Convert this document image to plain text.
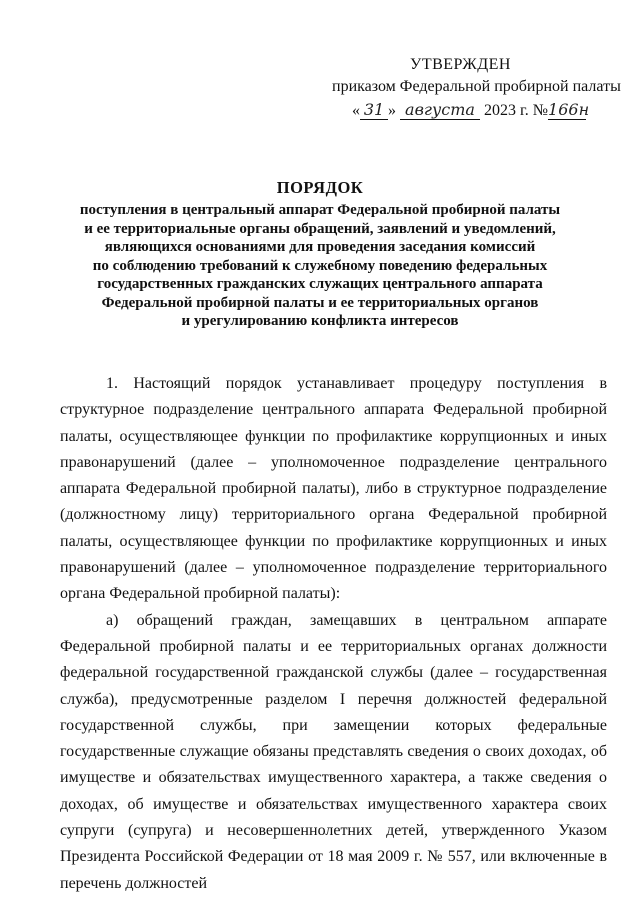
УТВЕРЖДЕН
приказом Федеральной пробирной палаты
« 31 » августа 2023 г. №166н
ПОРЯДОК
поступления в центральный аппарат Федеральной пробирной палаты
и ее территориальные органы обращений, заявлений и уведомлений,
являющихся основаниями для проведения заседания комиссий
по соблюдению требований к служебному поведению федеральных
государственных гражданских служащих центрального аппарата
Федеральной пробирной палаты и ее территориальных органов
и урегулированию конфликта интересов

1. Настоящий порядок устанавливает процедуру поступления в структурное подразделение центрального аппарата Федеральной пробирной палаты, осуществляющее функции по профилактике коррупционных и иных правонарушений (далее – уполномоченное подразделение центрального аппарата Федеральной пробирной палаты), либо в структурное подразделение (должностному лицу) территориального органа Федеральной пробирной палаты, осуществляющее функции по профилактике коррупционных и иных правонарушений (далее – уполномоченное подразделение территориального органа Федеральной пробирной палаты):

а) обращений граждан, замещавших в центральном аппарате Федеральной пробирной палаты и ее территориальных органах должности федеральной государственной гражданской службы (далее – государственная служба), предусмотренные разделом I перечня должностей федеральной государственной службы, при замещении которых федеральные государственные служащие обязаны представлять сведения о своих доходах, об имуществе и обязательствах имущественного характера, а также сведения о доходах, об имуществе и обязательствах имущественного характера своих супруги (супруга) и несовершеннолетних детей, утвержденного Указом Президента Российской Федерации от 18 мая 2009 г. № 557, или включенные в перечень должностей
